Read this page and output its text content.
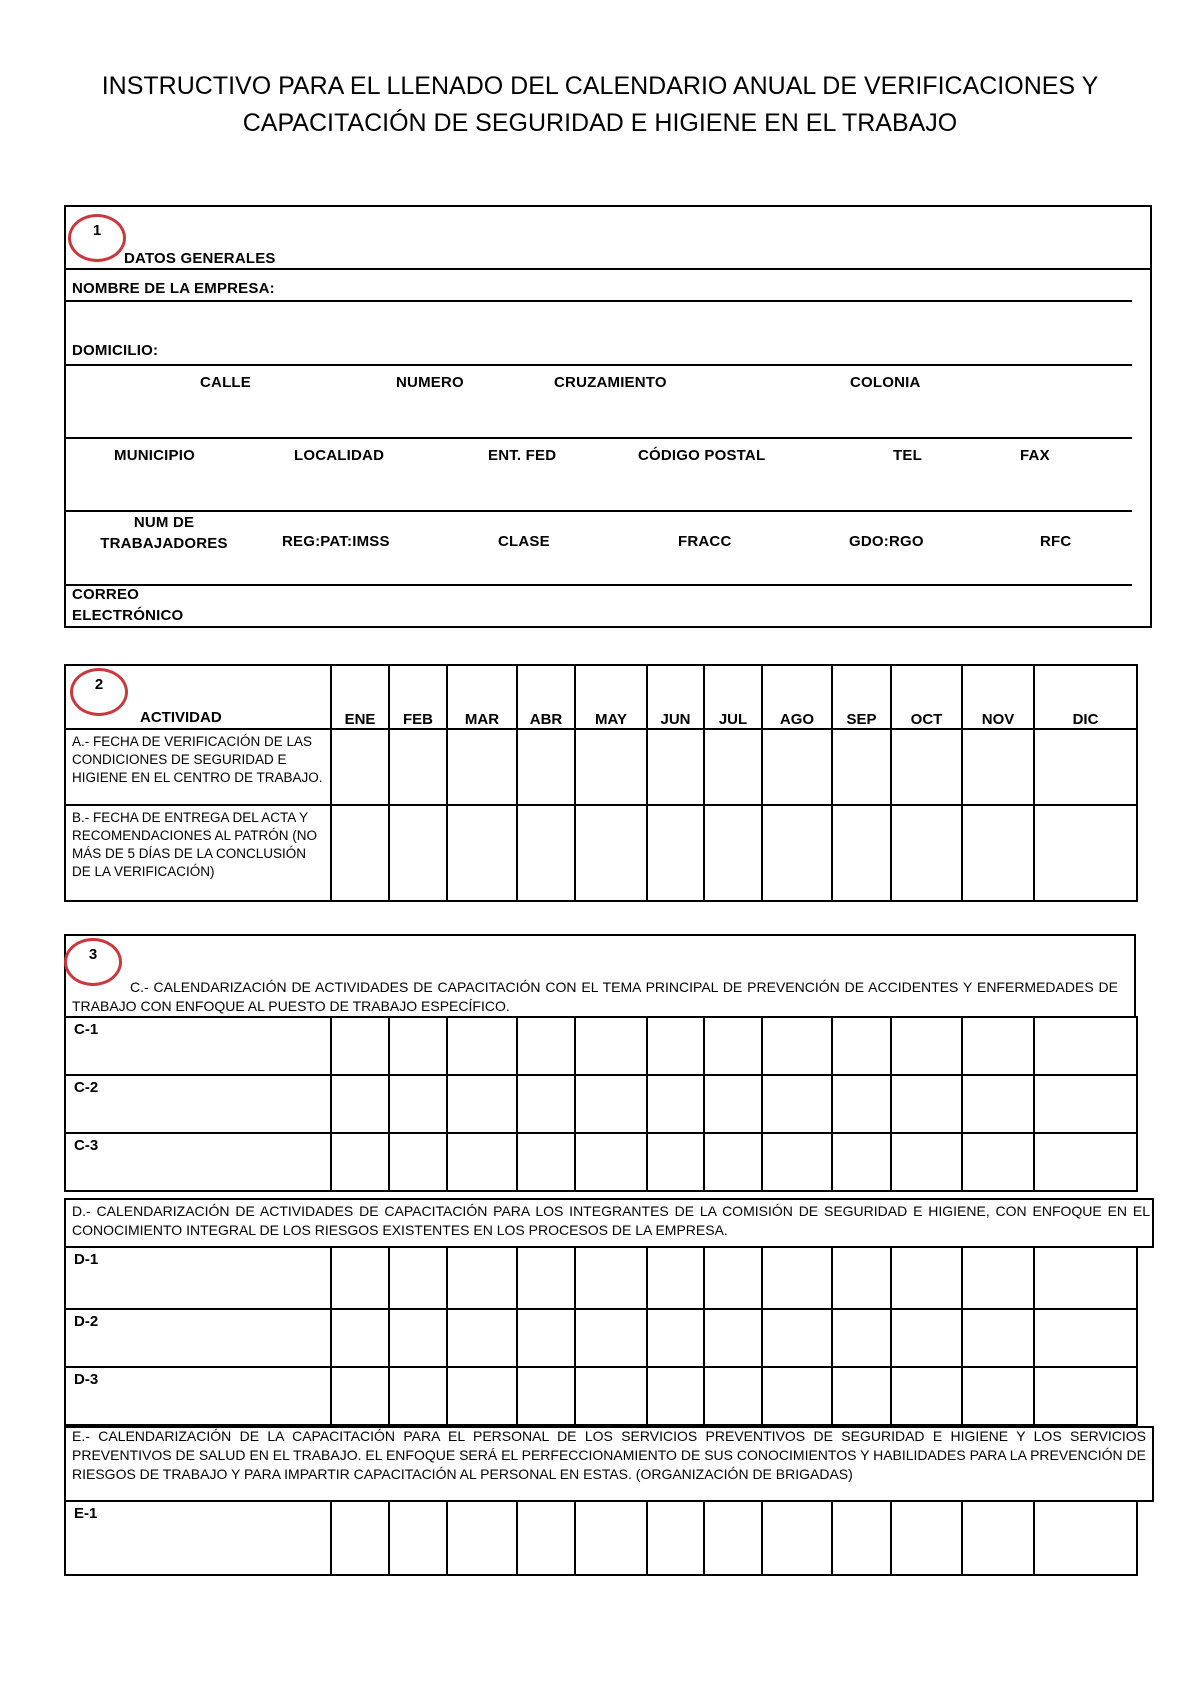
INSTRUCTIVO PARA EL LLENADO DEL CALENDARIO ANUAL DE VERIFICACIONES Y CAPACITACIÓN DE SEGURIDAD E HIGIENE EN EL TRABAJO
1
DATOS GENERALES
NOMBRE DE LA EMPRESA:
DOMICILIO:
CALLE	NUMERO	CRUZAMIENTO	COLONIA
MUNICIPIO	LOCALIDAD	ENT. FED	CÓDIGO POSTAL	TEL	FAX
NUM DE TRABAJADORES	REG:PAT:IMSS	CLASE	FRACC	GDO:RGO	RFC
CORREO ELECTRÓNICO
ACTIVIDAD	ENE	FEB	MAR	ABR	MAY	JUN	JUL	AGO	SEP	OCT	NOV	DIC
A.- FECHA DE VERIFICACIÓN DE LAS CONDICIONES DE SEGURIDAD E HIGIENE EN EL CENTRO DE TRABAJO.												
B.- FECHA DE ENTREGA DEL ACTA Y RECOMENDACIONES AL PATRÓN (NO MÁS DE 5 DÍAS DE LA CONCLUSIÓN DE LA VERIFICACIÓN)												
2
3
C.- CALENDARIZACIÓN DE ACTIVIDADES DE CAPACITACIÓN CON EL TEMA PRINCIPAL DE PREVENCIÓN DE ACCIDENTES Y ENFERMEDADES DE TRABAJO CON ENFOQUE AL PUESTO DE TRABAJO ESPECÍFICO.
C-1												
C-2												
C-3												
D.- CALENDARIZACIÓN DE ACTIVIDADES DE CAPACITACIÓN PARA LOS INTEGRANTES DE LA COMISIÓN DE SEGURIDAD E HIGIENE, CON ENFOQUE EN EL CONOCIMIENTO INTEGRAL DE LOS RIESGOS EXISTENTES EN LOS PROCESOS DE LA EMPRESA.
D-1												
D-2												
D-3												
E.- CALENDARIZACIÓN DE LA CAPACITACIÓN PARA EL PERSONAL DE LOS SERVICIOS PREVENTIVOS DE SEGURIDAD E HIGIENE Y LOS SERVICIOS PREVENTIVOS DE SALUD EN EL TRABAJO. EL ENFOQUE SERÁ EL PERFECCIONAMIENTO DE SUS CONOCIMIENTOS Y HABILIDADES PARA LA PREVENCIÓN DE RIESGOS DE TRABAJO Y PARA IMPARTIR CAPACITACIÓN AL PERSONAL EN ESTAS. (ORGANIZACIÓN DE BRIGADAS)
E-1												
